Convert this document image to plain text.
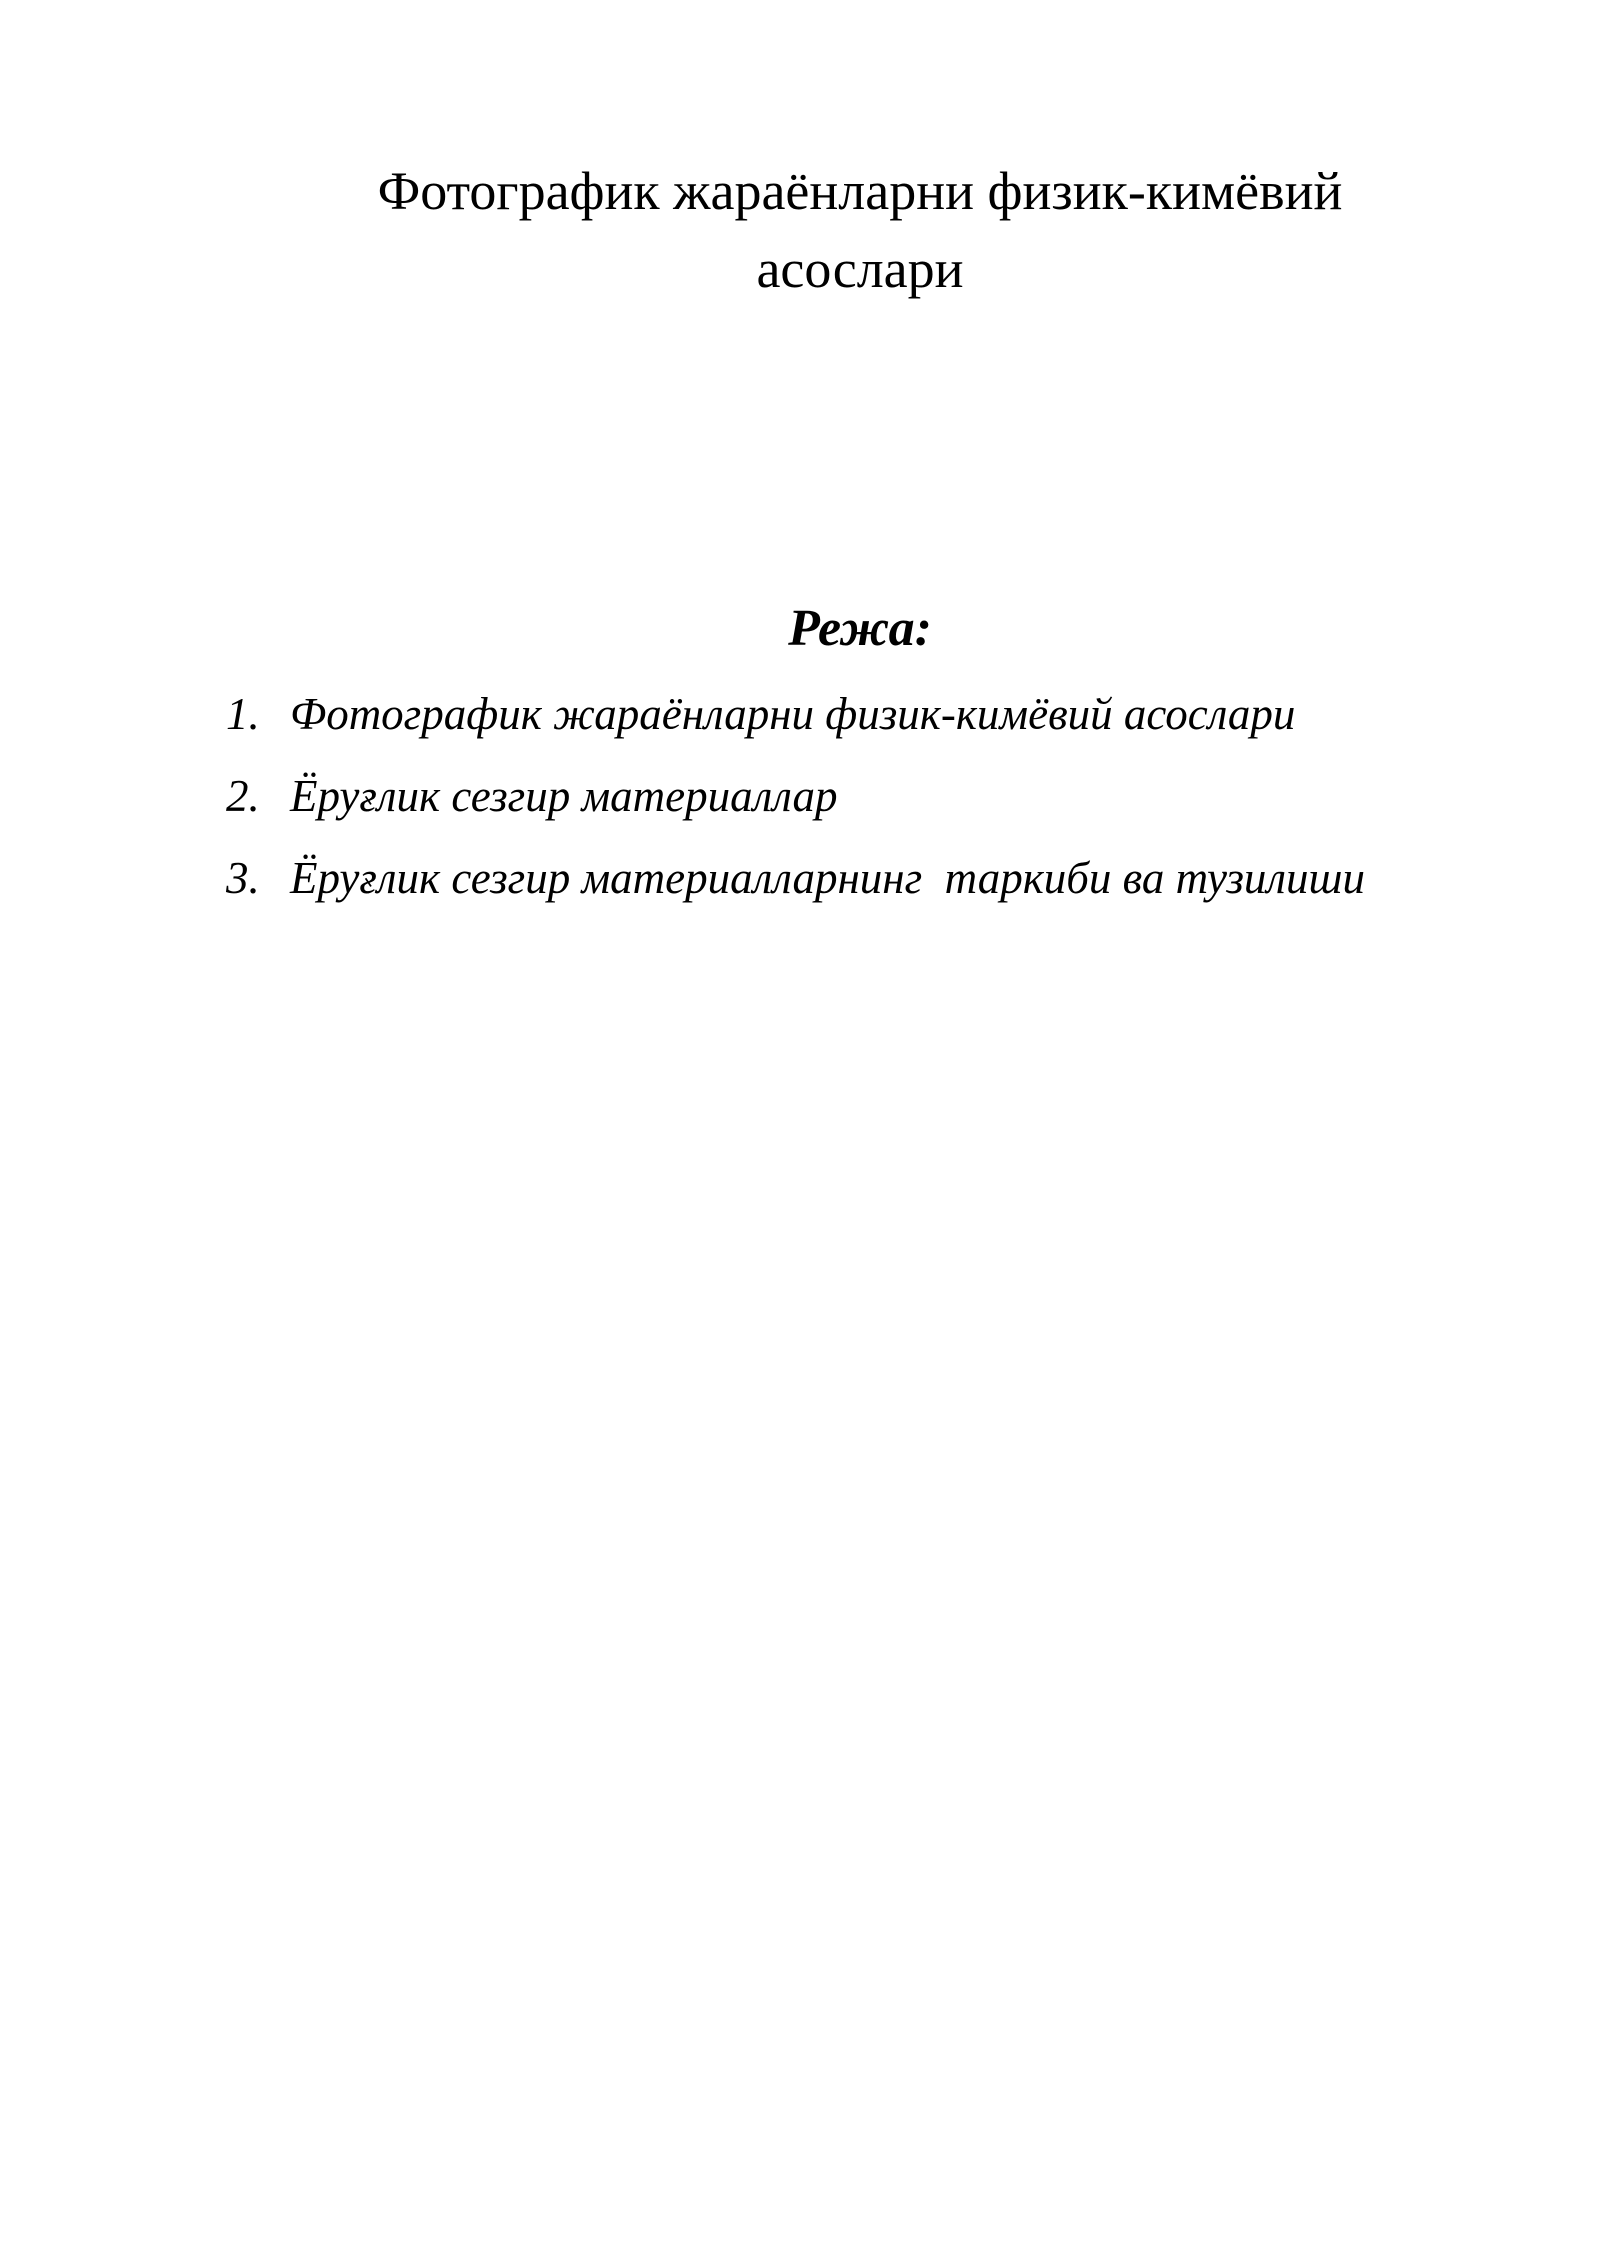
Фотографик жараёнларни физик-кимёвий
асослари
Режа:
1. Фотографик жараёнларни физик-кимёвий асослари
2. Ёруғлик сезгир материаллар
3. Ёруғлик сезгир материалларнинг  таркиби ва тузилиши
